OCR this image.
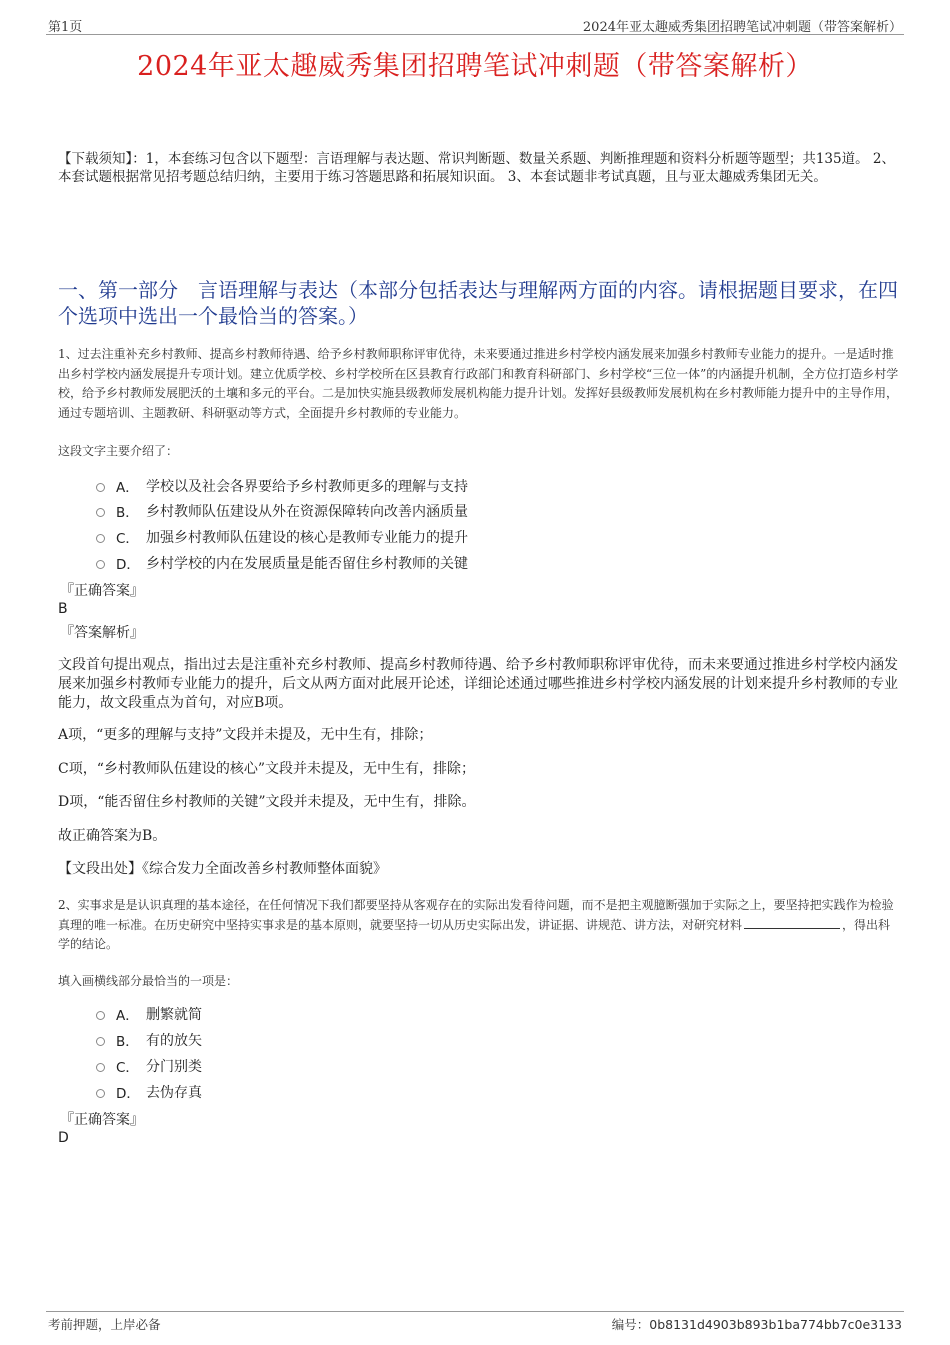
第1页	2024年亚太趣威秀集团招聘笔试冲刺题（带答案解析）
2024年亚太趣威秀集团招聘笔试冲刺题（带答案解析）
【下载须知】：1，本套练习包含以下题型：言语理解与表达题、常识判断题、数量关系题、判断推理题和资料分析题等题型；共135道。 2、本套试题根据常见招考题总结归纳，主要用于练习答题思路和拓展知识面。 3、本套试题非考试真题，且与亚太趣威秀集团无关。
一、第一部分　言语理解与表达（本部分包括表达与理解两方面的内容。请根据题目要求，在四个选项中选出一个最恰当的答案。）
1、过去注重补充乡村教师、提高乡村教师待遇、给予乡村教师职称评审优待，未来要通过推进乡村学校内涵发展来加强乡村教师专业能力的提升。一是适时推出乡村学校内涵发展提升专项计划。建立优质学校、乡村学校所在区县教育行政部门和教育科研部门、乡村学校“三位一体”的内涵提升机制，全方位打造乡村学校，给予乡村教师发展肥沃的土壤和多元的平台。二是加快实施县级教师发展机构能力提升计划。发挥好县级教师发展机构在乡村教师能力提升中的主导作用，通过专题培训、主题教研、科研驱动等方式，全面提升乡村教师的专业能力。
这段文字主要介绍了：
A． 学校以及社会各界要给予乡村教师更多的理解与支持
B． 乡村教师队伍建设从外在资源保障转向改善内涵质量
C． 加强乡村教师队伍建设的核心是教师专业能力的提升
D． 乡村学校的内在发展质量是能否留住乡村教师的关键
『正确答案』
B
『答案解析』
文段首句提出观点，指出过去是注重补充乡村教师、提高乡村教师待遇、给予乡村教师职称评审优待，而未来要通过推进乡村学校内涵发展来加强乡村教师专业能力的提升，后文从两方面对此展开论述，详细论述通过哪些推进乡村学校内涵发展的计划来提升乡村教师的专业能力，故文段重点为首句，对应B项。
A项，“更多的理解与支持”文段并未提及，无中生有，排除；
C项，“乡村教师队伍建设的核心”文段并未提及，无中生有，排除；
D项，“能否留住乡村教师的关键”文段并未提及，无中生有，排除。
故正确答案为B。
【文段出处】《综合发力全面改善乡村教师整体面貌》
2、实事求是是认识真理的基本途径，在任何情况下我们都要坚持从客观存在的实际出发看待问题，而不是把主观臆断强加于实际之上，要坚持把实践作为检验真理的唯一标准。在历史研究中坚持实事求是的基本原则，就要坚持一切从历史实际出发，讲证据、讲规范、讲方法，对研究材料	，得出科学的结论。
填入画横线部分最恰当的一项是：
A． 删繁就简
B． 有的放矢
C． 分门别类
D． 去伪存真
『正确答案』
D
考前押题，上岸必备	编号：0b8131d4903b893b1ba774bb7c0e3133
